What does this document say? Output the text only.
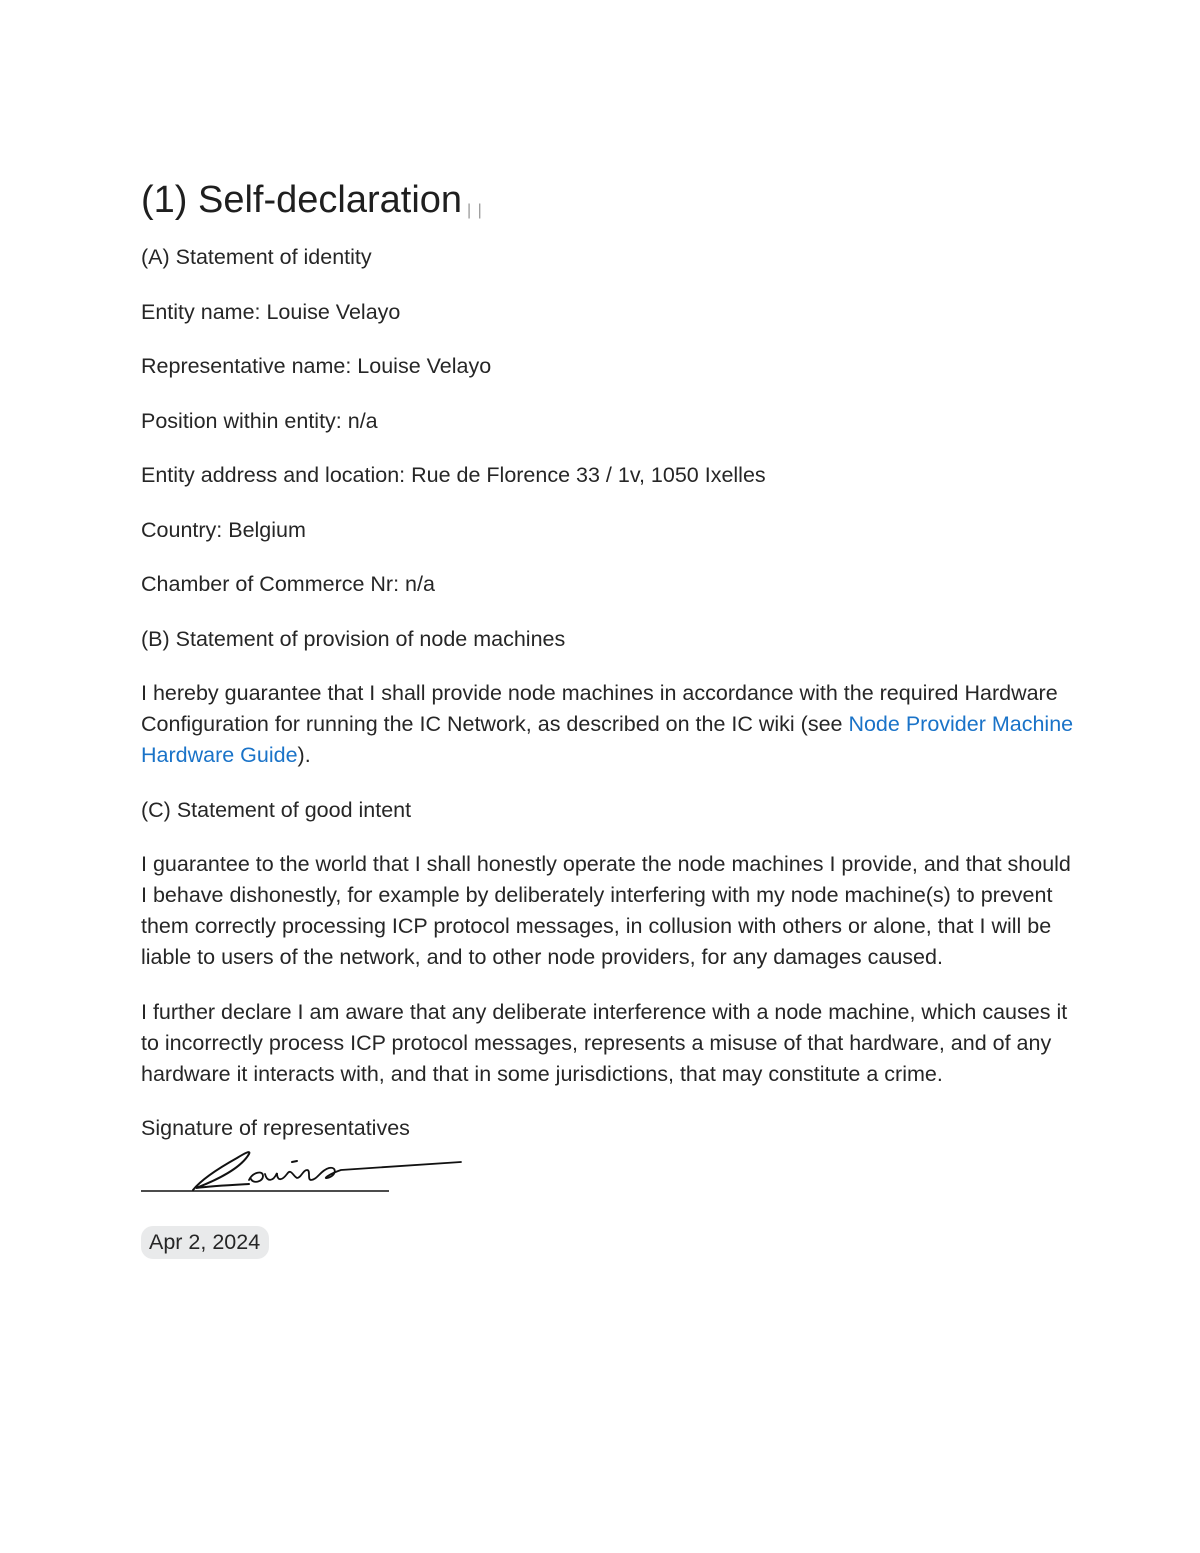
(1) Self-declaration | |

(A) Statement of identity

Entity name: Louise Velayo

Representative name: Louise Velayo

Position within entity: n/a

Entity address and location: Rue de Florence 33 / 1v, 1050 Ixelles

Country: Belgium

Chamber of Commerce Nr: n/a

(B) Statement of provision of node machines

I hereby guarantee that I shall provide node machines in accordance with the required Hardware Configuration for running the IC Network, as described on the IC wiki (see Node Provider Machine Hardware Guide).

(C) Statement of good intent

I guarantee to the world that I shall honestly operate the node machines I provide, and that should I behave dishonestly, for example by deliberately interfering with my node machine(s) to prevent them correctly processing ICP protocol messages, in collusion with others or alone, that I will be liable to users of the network, and to other node providers, for any damages caused.

I further declare I am aware that any deliberate interference with a node machine, which causes it to incorrectly process ICP protocol messages, represents a misuse of that hardware, and of any hardware it interacts with, and that in some jurisdictions, that may constitute a crime.

Signature of representatives

Apr 2, 2024
